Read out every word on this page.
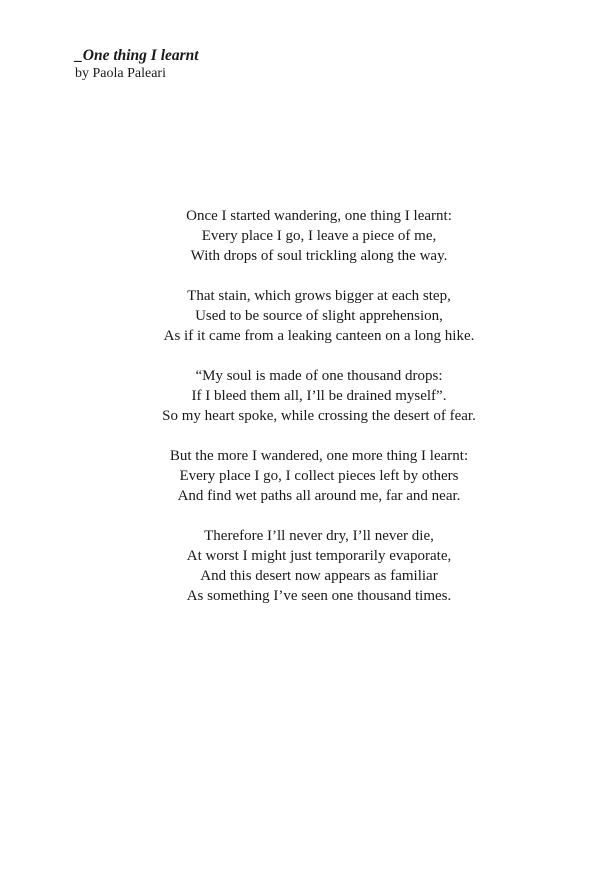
_One thing I learnt

by Paola Paleari

Once I started wandering, one thing I learnt:
Every place I go, I leave a piece of me,
With drops of soul trickling along the way.
That stain, which grows bigger at each step,
Used to be source of slight apprehension,
As if it came from a leaking canteen on a long hike.
“My soul is made of one thousand drops:
If I bleed them all, I’ll be drained myself”.
So my heart spoke, while crossing the desert of fear.
But the more I wandered, one more thing I learnt:
Every place I go, I collect pieces left by others
And find wet paths all around me, far and near.
Therefore I’ll never dry, I’ll never die,
At worst I might just temporarily evaporate,
And this desert now appears as familiar
As something I’ve seen one thousand times.
